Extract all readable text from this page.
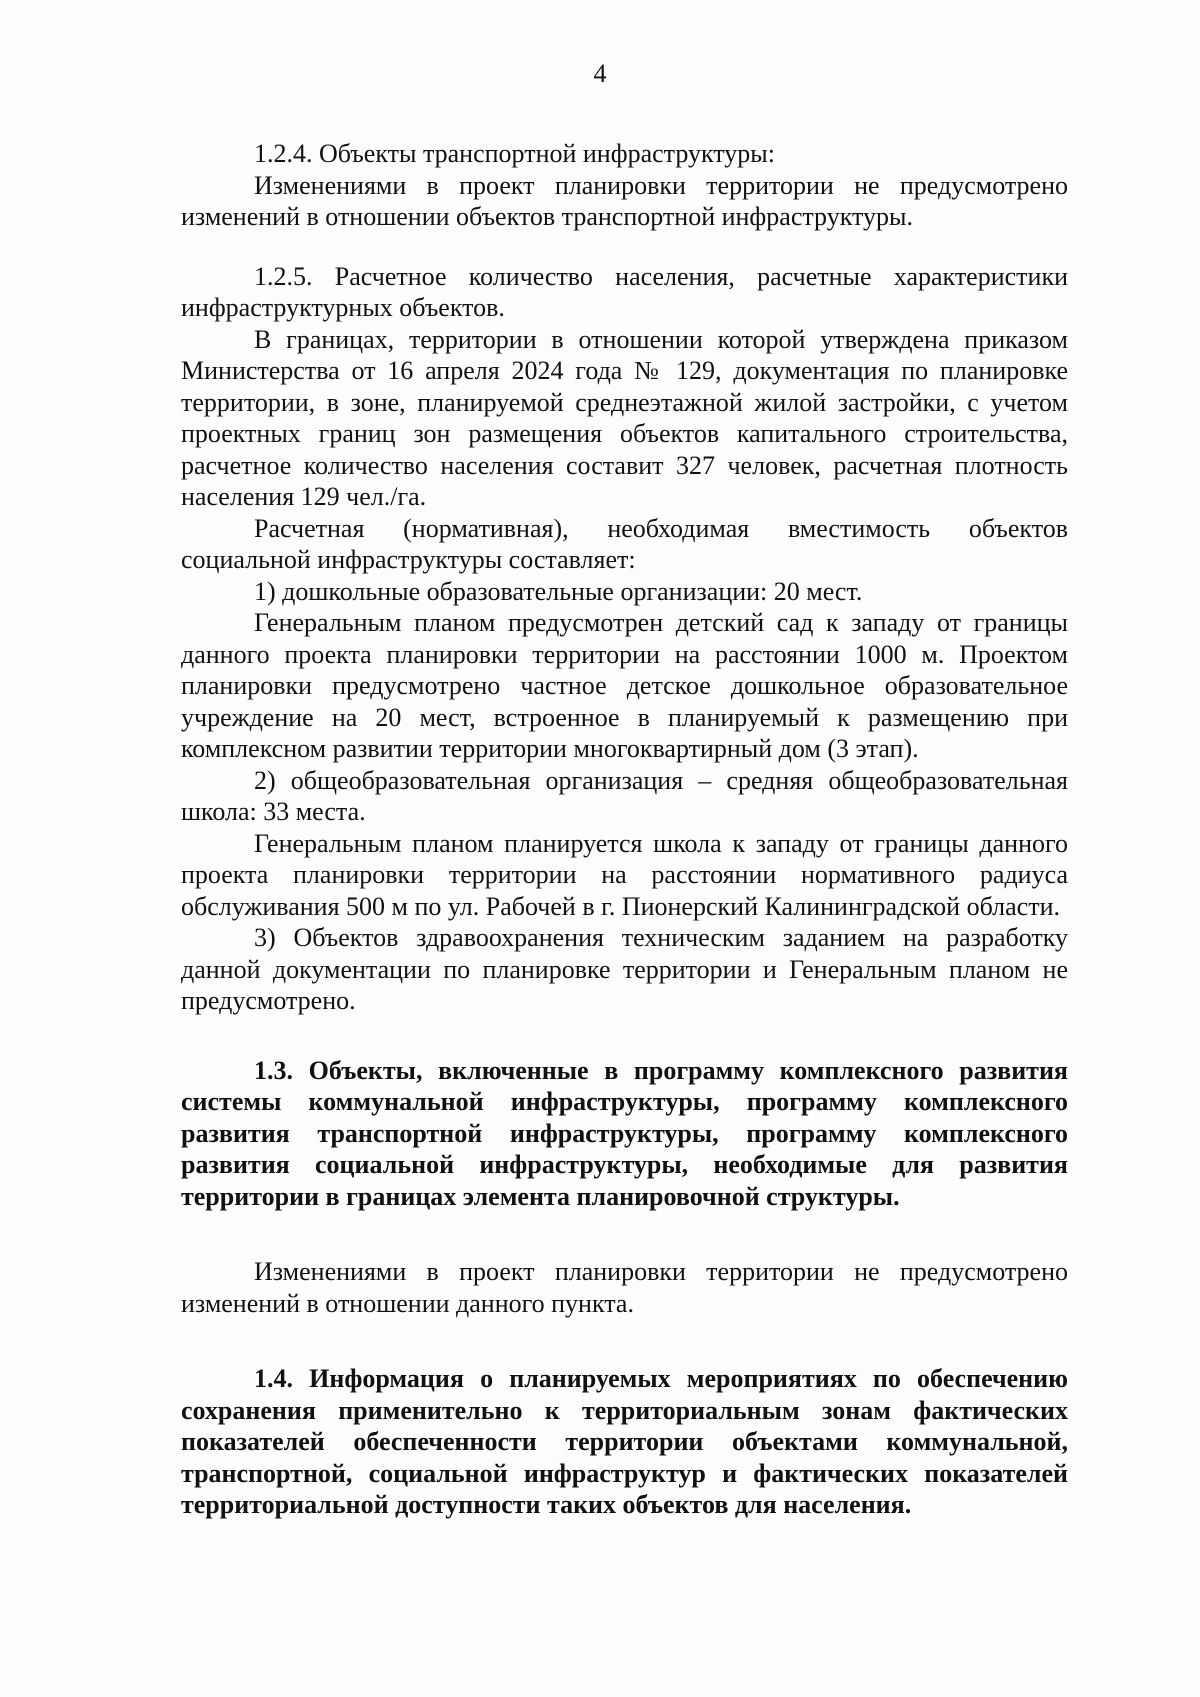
4

1.2.4. Объекты транспортной инфраструктуры:

Изменениями в проект планировки территории не предусмотрено изменений в отношении объектов транспортной инфраструктуры.

1.2.5. Расчетное количество населения, расчетные характеристики инфраструктурных объектов.

В границах, территории в отношении которой утверждена приказом Министерства от 16 апреля 2024 года № 129, документация по планировке территории, в зоне, планируемой среднеэтажной жилой застройки, с учетом проектных границ зон размещения объектов капитального строительства, расчетное количество населения составит 327 человек, расчетная плотность населения 129 чел./га.

Расчетная (нормативная), необходимая вместимость объектов социальной инфраструктуры составляет:

1) дошкольные образовательные организации: 20 мест.

Генеральным планом предусмотрен детский сад к западу от границы данного проекта планировки территории на расстоянии 1000 м. Проектом планировки предусмотрено частное детское дошкольное образовательное учреждение на 20 мест, встроенное в планируемый к размещению при комплексном развитии территории многоквартирный дом (3 этап).

2) общеобразовательная организация – средняя общеобразовательная школа: 33 места.

Генеральным планом планируется школа к западу от границы данного проекта планировки территории на расстоянии нормативного радиуса обслуживания 500 м по ул. Рабочей в г. Пионерский Калининградской области.

3) Объектов здравоохранения техническим заданием на разработку данной документации по планировке территории и Генеральным планом не предусмотрено.

1.3. Объекты, включенные в программу комплексного развития системы коммунальной инфраструктуры, программу комплексного развития транспортной инфраструктуры, программу комплексного развития социальной инфраструктуры, необходимые для развития территории в границах элемента планировочной структуры.

Изменениями в проект планировки территории не предусмотрено изменений в отношении данного пункта.

1.4. Информация о планируемых мероприятиях по обеспечению сохранения применительно к территориальным зонам фактических показателей обеспеченности территории объектами коммунальной, транспортной, социальной инфраструктур и фактических показателей территориальной доступности таких объектов для населения.
